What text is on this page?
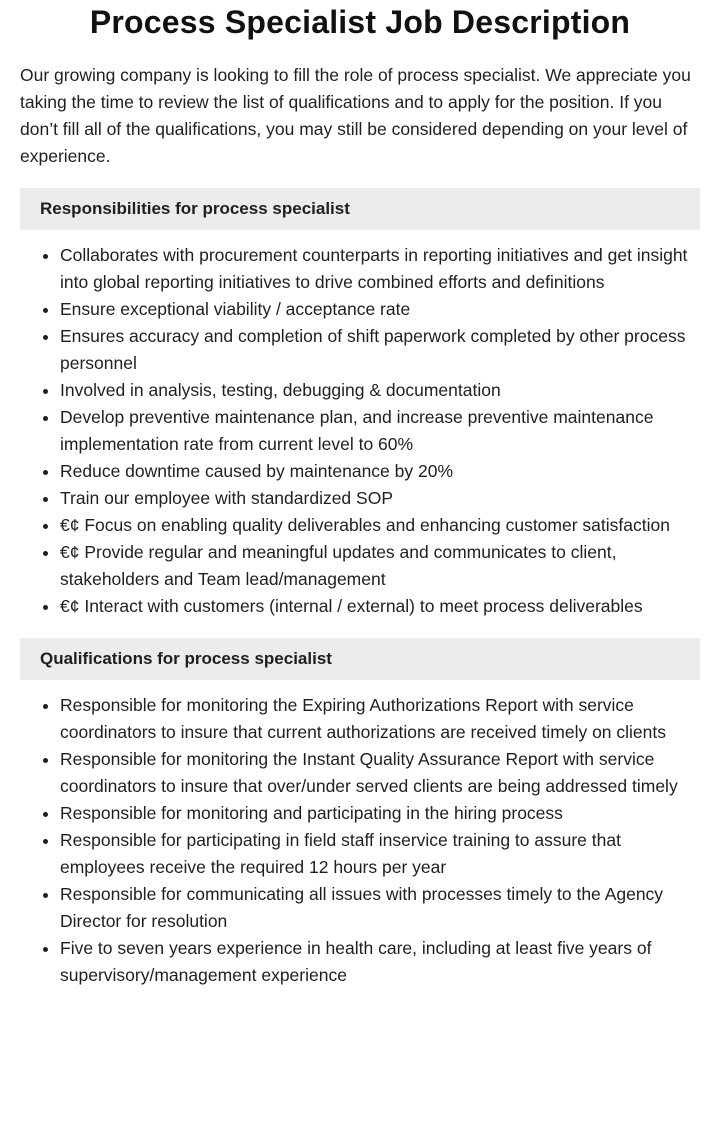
Process Specialist Job Description

Our growing company is looking to fill the role of process specialist. We appreciate you taking the time to review the list of qualifications and to apply for the position. If you don’t fill all of the qualifications, you may still be considered depending on your level of experience.

Responsibilities for process specialist
• Collaborates with procurement counterparts in reporting initiatives and get insight into global reporting initiatives to drive combined efforts and definitions
• Ensure exceptional viability / acceptance rate
• Ensures accuracy and completion of shift paperwork completed by other process personnel
• Involved in analysis, testing, debugging & documentation
• Develop preventive maintenance plan, and increase preventive maintenance implementation rate from current level to 60%
• Reduce downtime caused by maintenance by 20%
• Train our employee with standardized SOP
• €¢ Focus on enabling quality deliverables and enhancing customer satisfaction
• €¢ Provide regular and meaningful updates and communicates to client, stakeholders and Team lead/management
• €¢ Interact with customers (internal / external) to meet process deliverables
Qualifications for process specialist
• Responsible for monitoring the Expiring Authorizations Report with service coordinators to insure that current authorizations are received timely on clients
• Responsible for monitoring the Instant Quality Assurance Report with service coordinators to insure that over/under served clients are being addressed timely
• Responsible for monitoring and participating in the hiring process
• Responsible for participating in field staff inservice training to assure that employees receive the required 12 hours per year
• Responsible for communicating all issues with processes timely to the Agency Director for resolution
• Five to seven years experience in health care, including at least five years of supervisory/management experience
